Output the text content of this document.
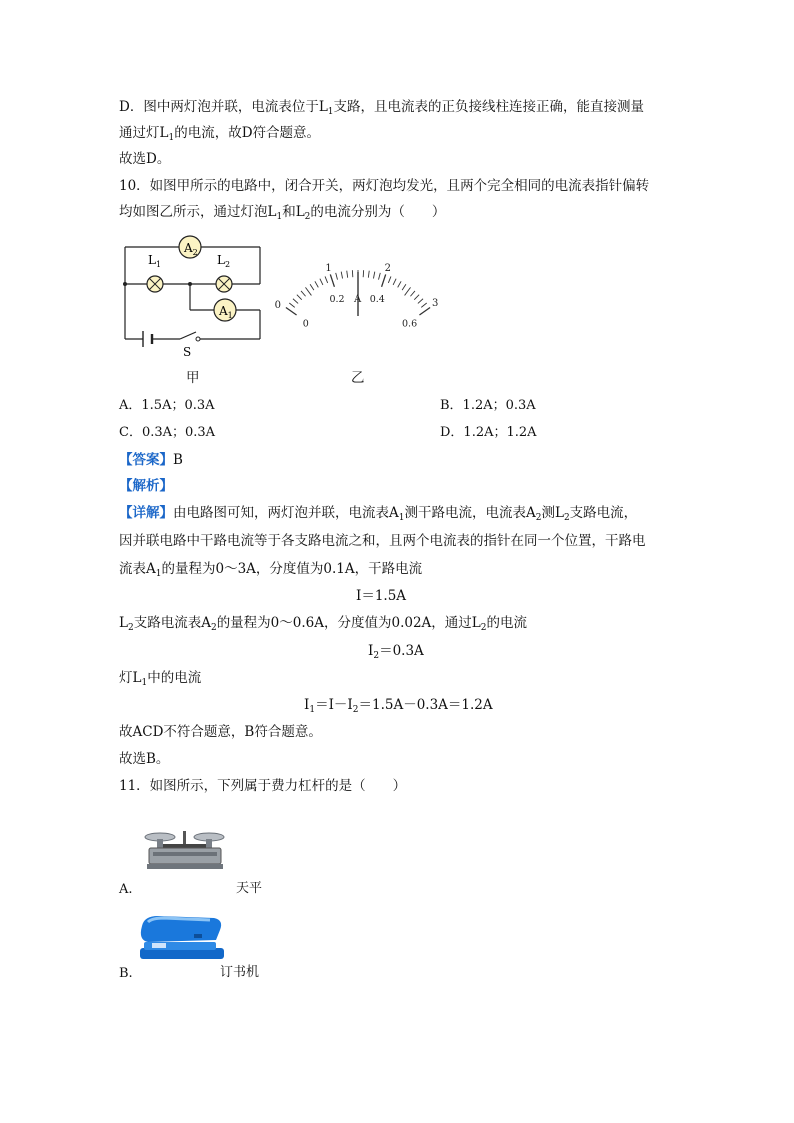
D．图中两灯泡并联，电流表位于$L_1$支路，且电流表的正负接线柱连接正确，能直接测量
通过灯$L_1$的电流，故D符合题意。
故选D。
10．如图甲所示的电路中，闭合开关，两灯泡均发光，且两个完全相同的电流表指针偏转
均如图乙所示，通过灯泡$L_1$和$L_2$的电流分别为（　　）
$A_2$
$L_1$	$L_2$
$A_1$
S
1	2
3
0
0
0.2	0.4
0.6
A
甲	乙
A．1.5A；0.3A	B．1.2A；0.3A
C．0.3A；0.3A	D．1.2A；1.2A
【答案】B
【解析】
【详解】由电路图可知，两灯泡并联，电流表$A_1$测干路电流，电流表$A_2$测$L_2$支路电流，
因并联电路中干路电流等于各支路电流之和，且两个电流表的指针在同一个位置，干路电
流表$A_1$的量程为0～3A，分度值为0.1A，干路电流
I＝1.5A
$L_2$支路电流表$A_2$的量程为0～0.6A，分度值为0.02A，通过$L_2$的电流
$I_2=0.3A$
灯$L_1$中的电流
$I_1=I-I_2=1.5A-0.3A=1.2A$
故ACD不符合题意，B符合题意。
故选B。
11．如图所示，下列属于费力杠杆的是（　　）
A.	天平
B.	订书机
